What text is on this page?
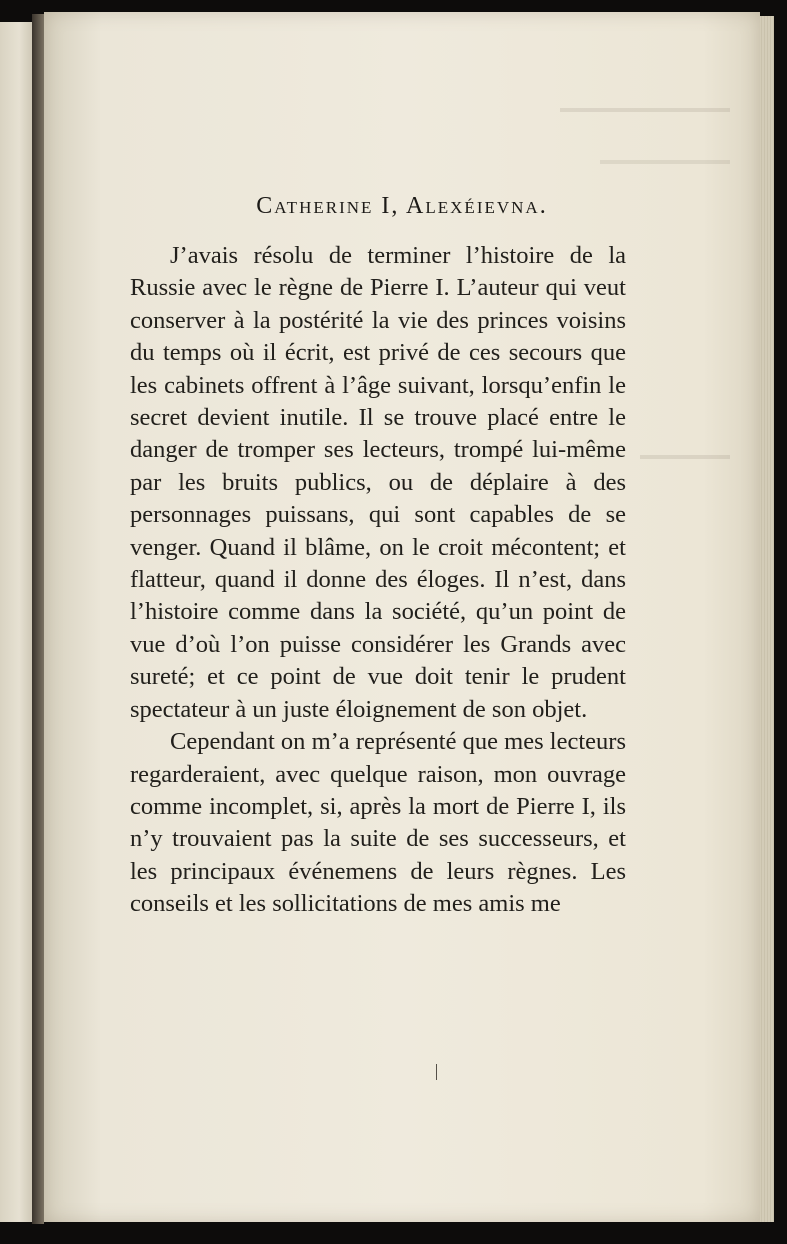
Catherine I, Alexéievna.

J’avais résolu de terminer l’histoire de la Russie avec le règne de Pierre I. L’auteur qui veut conserver à la postérité la vie des princes voisins du temps où il écrit, est privé de ces secours que les cabinets offrent à l’âge suivant, lorsqu’enfin le secret devient inutile. Il se trouve placé entre le danger de tromper ses lecteurs, trompé lui-même par les bruits publics, ou de déplaire à des personnages puissans, qui sont capables de se venger. Quand il blâme, on le croit mécontent; et flatteur, quand il donne des éloges. Il n’est, dans l’histoire comme dans la société, qu’un point de vue d’où l’on puisse considérer les Grands avec sureté; et ce point de vue doit tenir le prudent spectateur à un juste éloignement de son objet.

Cependant on m’a représenté que mes lecteurs regarderaient, avec quelque raison, mon ouvrage comme incomplet, si, après la mort de Pierre I, ils n’y trouvaient pas la suite de ses successeurs, et les principaux événemens de leurs règnes. Les conseils et les sollicitations de mes amis me
